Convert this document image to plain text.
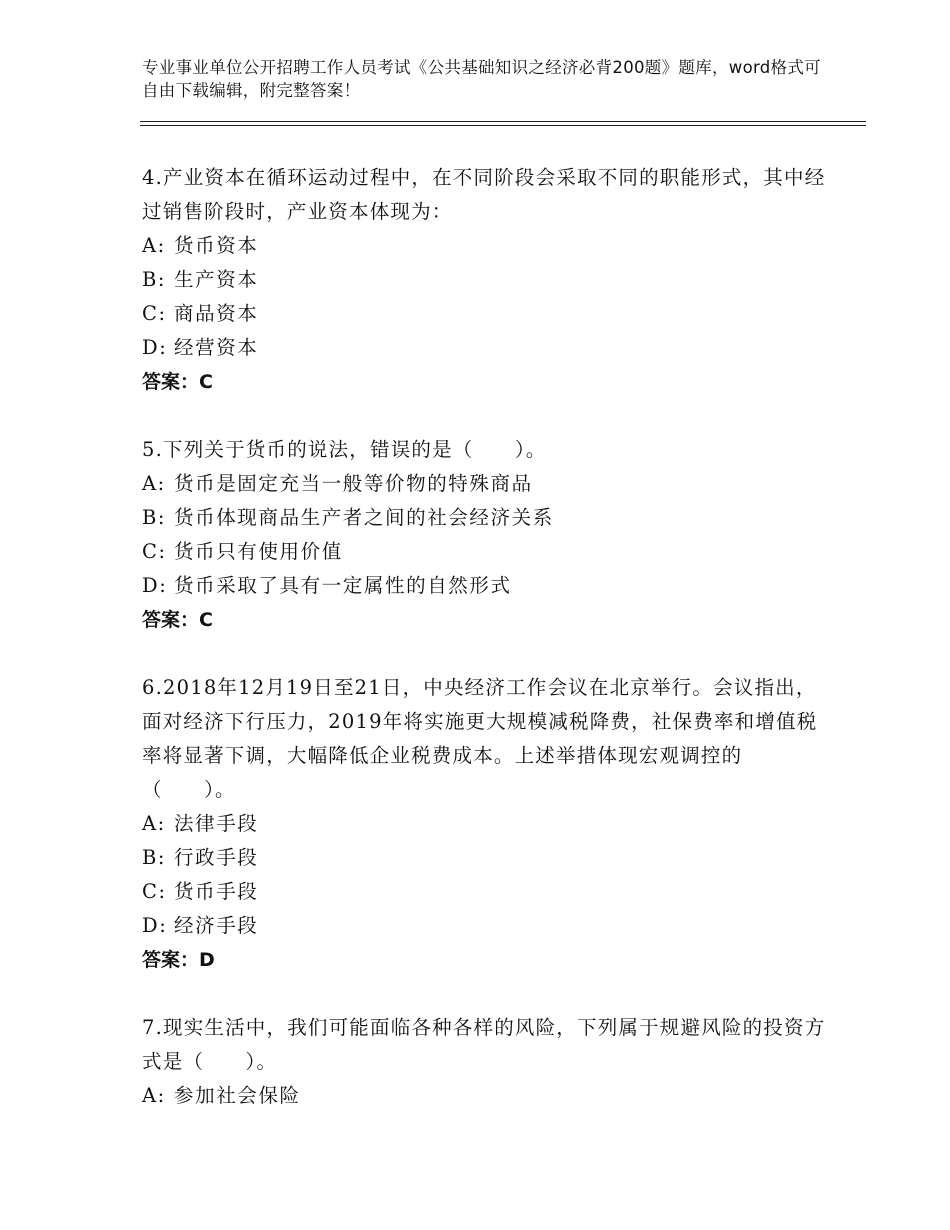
专业事业单位公开招聘工作人员考试《公共基础知识之经济必背200题》题库，word格式可自由下载编辑，附完整答案！

4.产业资本在循环运动过程中，在不同阶段会采取不同的职能形式，其中经过销售阶段时，产业资本体现为：

A: 货币资本

B: 生产资本

C: 商品资本

D: 经营资本

答案：C

5.下列关于货币的说法，错误的是（　　）。

A: 货币是固定充当一般等价物的特殊商品

B: 货币体现商品生产者之间的社会经济关系

C: 货币只有使用价值

D: 货币采取了具有一定属性的自然形式

答案：C

6.2018年12月19日至21日，中央经济工作会议在北京举行。会议指出，面对经济下行压力，2019年将实施更大规模减税降费，社保费率和增值税率将显著下调，大幅降低企业税费成本。上述举措体现宏观调控的（　　）。

A: 法律手段

B: 行政手段

C: 货币手段

D: 经济手段

答案：D

7.现实生活中，我们可能面临各种各样的风险，下列属于规避风险的投资方式是（　　）。

A: 参加社会保险
